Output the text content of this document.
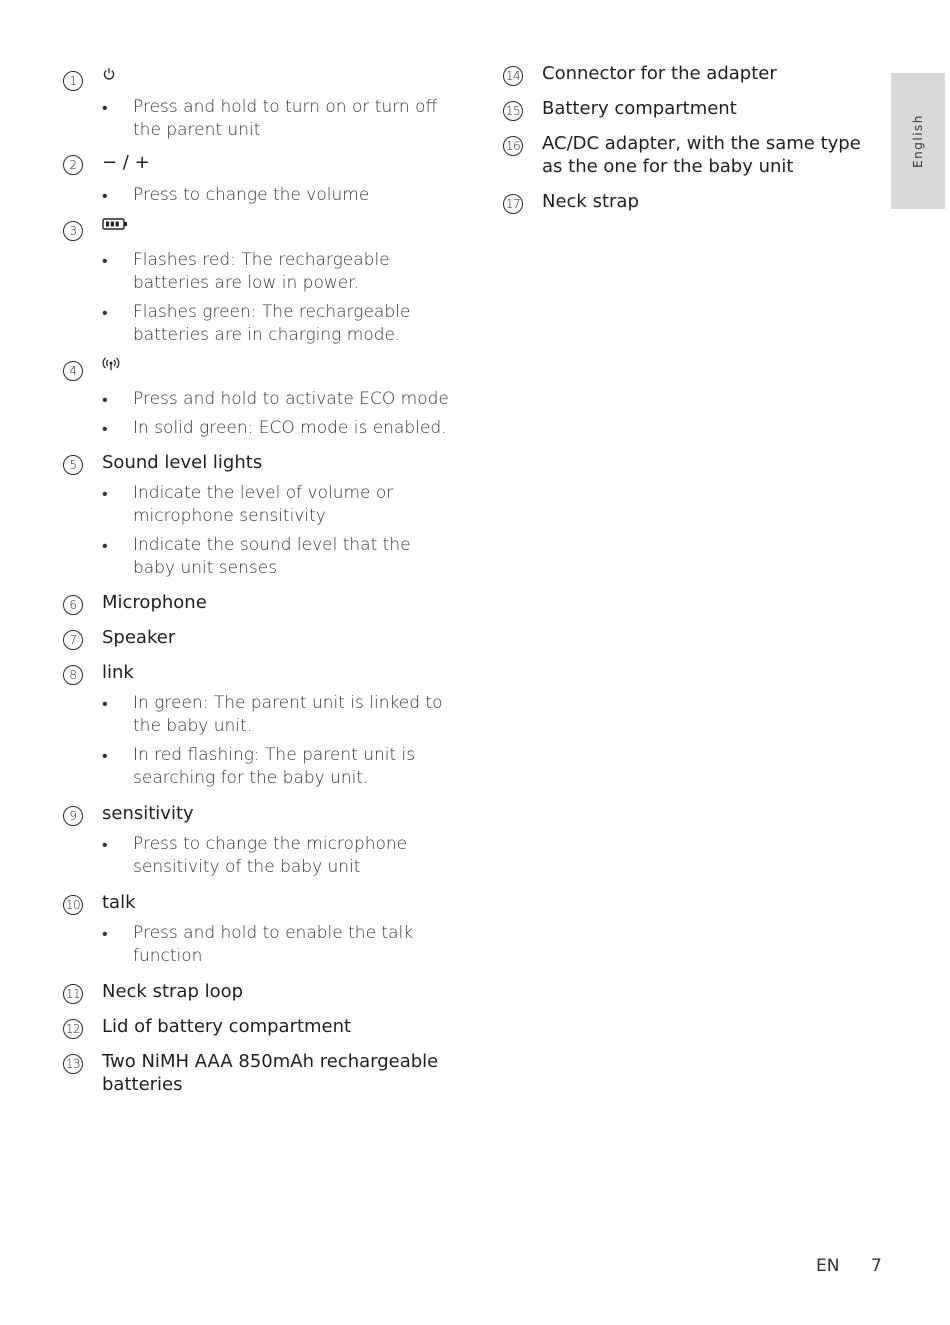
1
• Press and hold to turn on or turn off the parent unit
2	− / +
• Press to change the volume
3
• Flashes red: The rechargeable batteries are low in power.
• Flashes green: The rechargeable batteries are in charging mode.
4
• Press and hold to activate ECO mode
• In solid green: ECO mode is enabled.
5	Sound level lights
• Indicate the level of volume or microphone sensitivity
• Indicate the sound level that the baby unit senses
6	Microphone
7	Speaker
8	link
• In green: The parent unit is linked to the baby unit.
• In red flashing: The parent unit is searching for the baby unit.
9	sensitivity
• Press to change the microphone sensitivity of the baby unit
10 talk
• Press and hold to enable the talk function
11 Neck strap loop
12 Lid of battery compartment
13 Two NiMH AAA 850mAh rechargeable batteries
14 Connector for the adapter
15 Battery compartment
16 AC/DC adapter, with the same type as the one for the baby unit
17 Neck strap
English
EN 7
